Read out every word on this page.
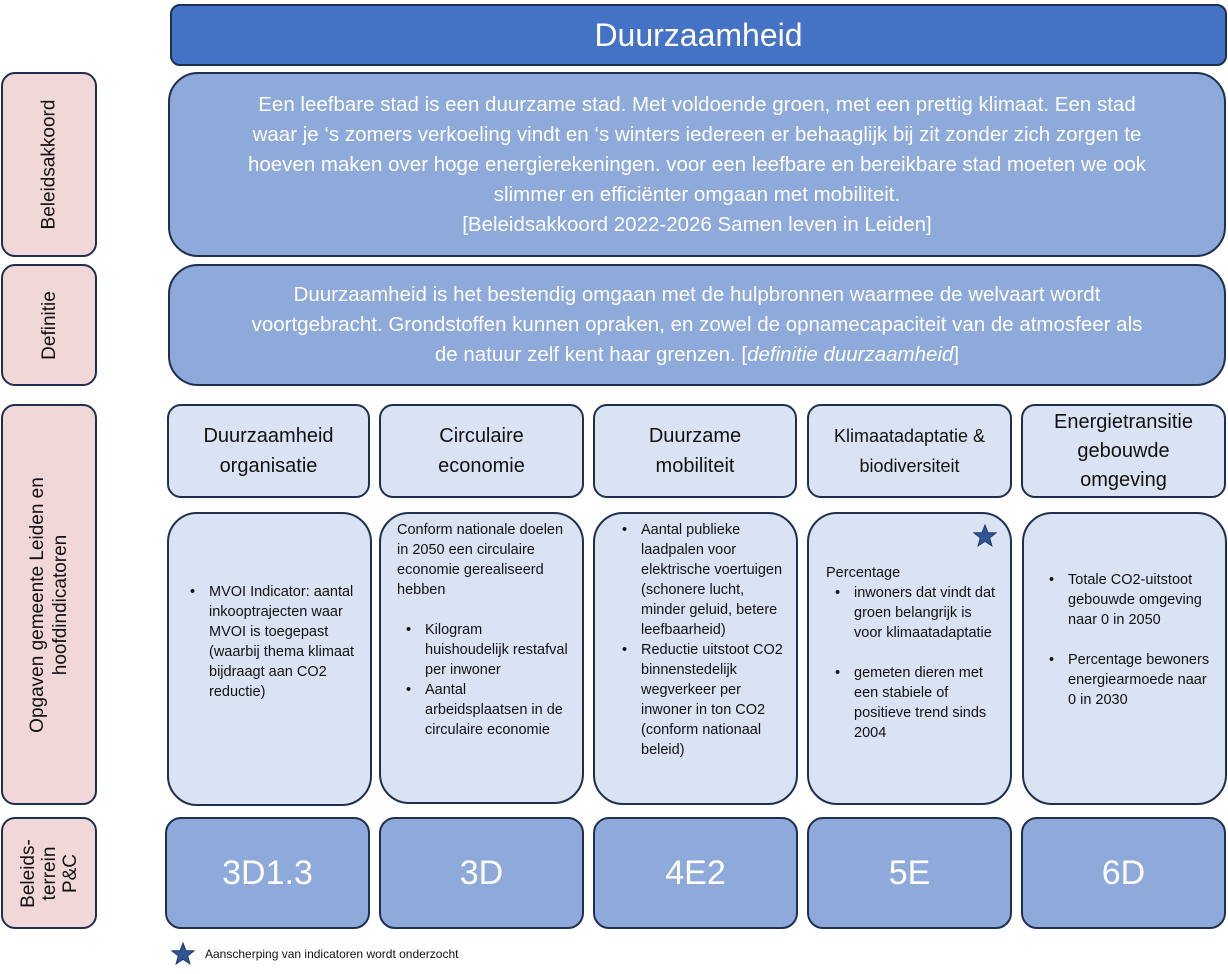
Duurzaamheid
Beleidsakkoord
Definitie
Opgaven gemeente Leiden en hoofdindicatoren
Beleids- terrein P&C
Een leefbare stad is een duurzame stad. Met voldoende groen, met een prettig klimaat. Een stad
waar je ‘s zomers verkoeling vindt en ‘s winters iedereen er behaaglijk bij zit zonder zich zorgen te
hoeven maken over hoge energierekeningen. voor een leefbare en bereikbare stad moeten we ook
slimmer en efficiënter omgaan met mobiliteit.
[Beleidsakkoord 2022-2026 Samen leven in Leiden]
Duurzaamheid is het bestendig omgaan met de hulpbronnen waarmee de welvaart wordt
voortgebracht. Grondstoffen kunnen opraken, en zowel de opnamecapaciteit van de atmosfeer als
de natuur zelf kent haar grenzen. [definitie duurzaamheid]
Duurzaamheid
organisatie
Circulaire
economie
Duurzame
mobiliteit
Klimaatadaptatie &
biodiversiteit
Energietransitie
gebouwde
omgeving
• MVOI Indicator: aantal inkooptrajecten waar MVOI is toegepast (waarbij thema klimaat bijdraagt aan CO2 reductie)
Conform nationale doelen in 2050 een circulaire economie gerealiseerd hebben
• Kilogram huishoudelijk restafval per inwoner
• Aantal arbeidsplaatsen in de circulaire economie
• Aantal publieke laadpalen voor elektrische voertuigen (schonere lucht, minder geluid, betere leefbaarheid)
• Reductie uitstoot CO2 binnenstedelijk wegverkeer per inwoner in ton CO2 (conform nationaal beleid)
Percentage
• inwoners dat vindt dat groen belangrijk is voor klimaatadaptatie
• gemeten dieren met een stabiele of positieve trend sinds 2004
• Totale CO2-uitstoot gebouwde omgeving naar 0 in 2050
• Percentage bewoners energiearmoede naar 0 in 2030
3D1.3	3D	4E2	5E	6D
Aanscherping van indicatoren wordt onderzocht
